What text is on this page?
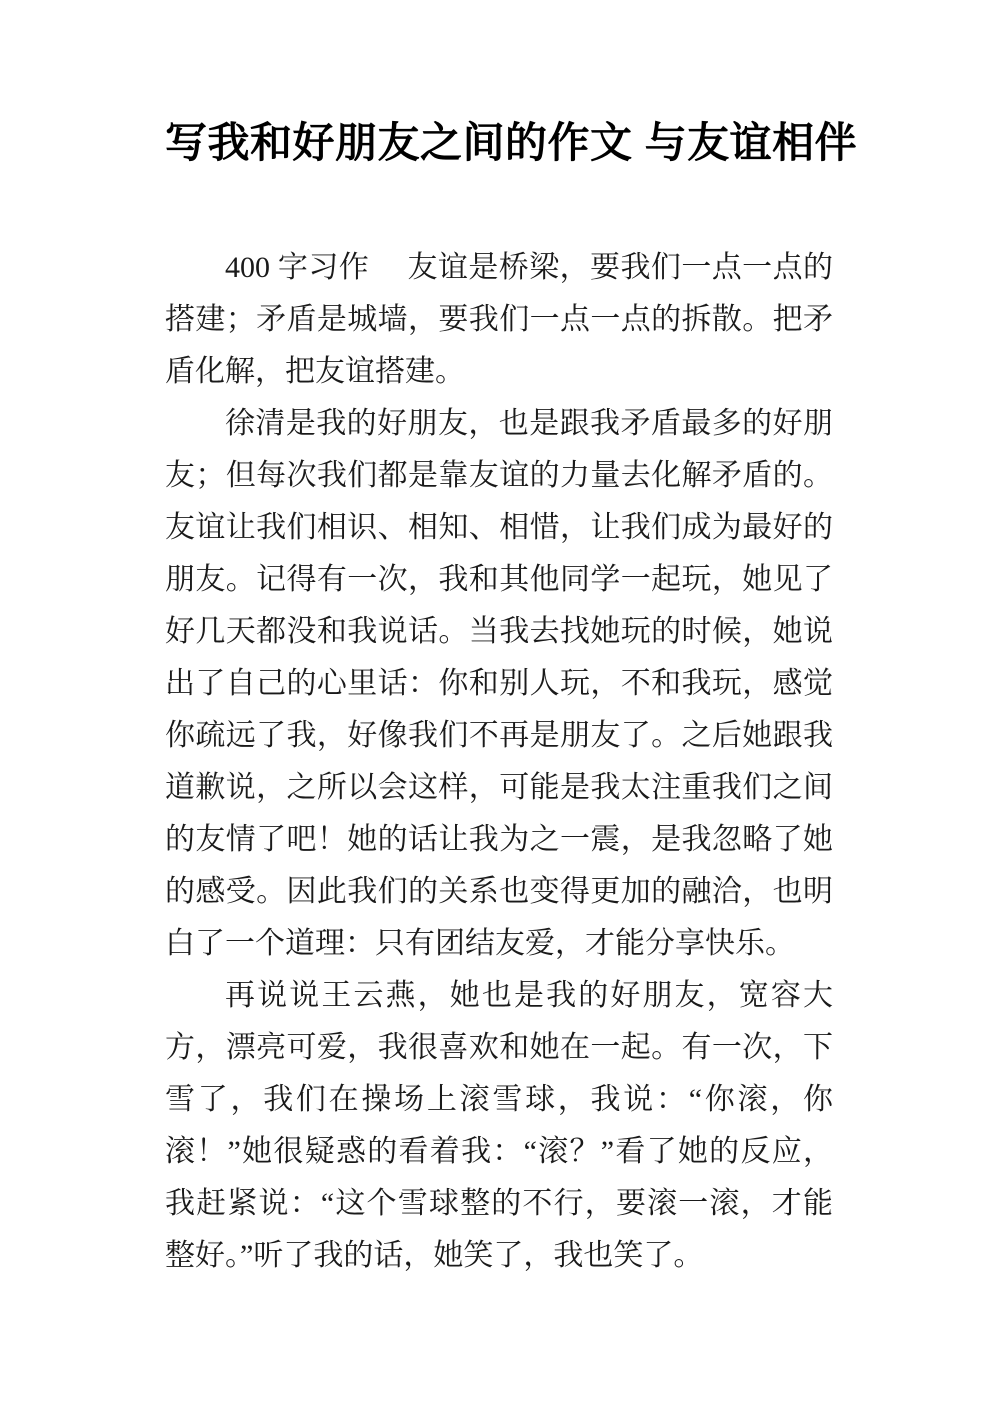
写我和好朋友之间的作文 与友谊相伴

400 字习作　 友谊是桥梁，要我们一点一点的搭建；矛盾是城墙，要我们一点一点的拆散。把矛盾化解，把友谊搭建。

徐清是我的好朋友，也是跟我矛盾最多的好朋友；但每次我们都是靠友谊的力量去化解矛盾的。友谊让我们相识、相知、相惜，让我们成为最好的朋友。记得有一次，我和其他同学一起玩，她见了好几天都没和我说话。当我去找她玩的时候，她说出了自己的心里话：你和别人玩，不和我玩，感觉你疏远了我，好像我们不再是朋友了。之后她跟我道歉说，之所以会这样，可能是我太注重我们之间的友情了吧！她的话让我为之一震，是我忽略了她的感受。因此我们的关系也变得更加的融洽，也明白了一个道理：只有团结友爱，才能分享快乐。

再说说王云燕，她也是我的好朋友，宽容大方，漂亮可爱，我很喜欢和她在一起。有一次，下雪了，我们在操场上滚雪球，我说：“你滚，你滚！”她很疑惑的看着我：“滚？”看了她的反应，我赶紧说：“这个雪球整的不行，要滚一滚，才能整好。”听了我的话，她笑了，我也笑了。
